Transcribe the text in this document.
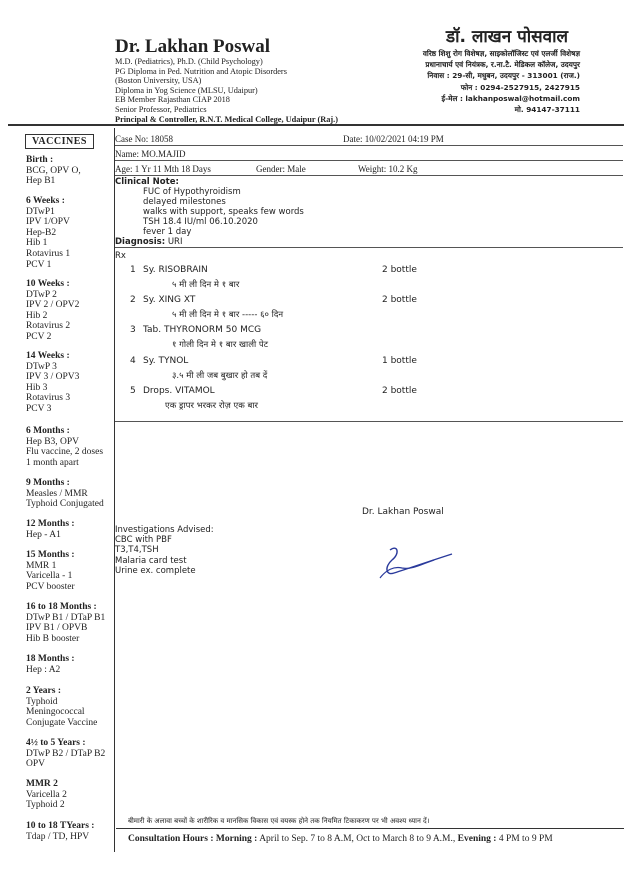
Dr. Lakhan Poswal
M.D. (Pediatrics), Ph.D. (Child Psychology)
PG Diploma in Ped. Nutrition and Atopic Disorders
(Boston University, USA)
Diploma in Yog Science (MLSU, Udaipur)
EB Member Rajasthan CIAP 2018
Senior Professor, Pediatrics
Principal & Controller, R.N.T. Medical College, Udaipur (Raj.)
डॉ. लाखन पोसवाल
वरिष्ठ शिशु रोग विशेषज्ञ, साइकोलॉजिस्ट एवं एलर्जी विशेषज्ञ
प्रधानाचार्य एवं नियंत्रक, र.ना.टै. मेडिकल कॉलेज, उदयपुर
निवास : 29-सी, मधुबन, उदयपुर - 313001 (राज.)
फोन : 0294-2527915, 2427915
ई-मेल : lakhanposwal@hotmail.com
मो. 94147-37111
VACCINES
Birth :
BCG, OPV O,
Hep B1
6 Weeks :
DTwP1
IPV 1/OPV
Hep-B2
Hib 1
Rotavirus 1
PCV 1
10 Weeks :
DTwP 2
IPV 2 / OPV2
Hib 2
Rotavirus 2
PCV 2
14 Weeks :
DTwP 3
IPV 3 / OPV3
Hib 3
Rotavirus 3
PCV 3
6 Months :
Hep B3, OPV
Flu vaccine, 2 doses
1 month apart
9 Months :
Measles / MMR
Typhoid Conjugated
12 Months :
Hep - A1
15 Months :
MMR 1
Varicella - 1
PCV booster
16 to 18 Months :
DTwP B1 / DTaP B1
IPV B1 / OPVB
Hib B booster
18 Months :
Hep : A2
2 Years :
Typhoid
Meningococcal
Conjugate Vaccine
4½ to 5 Years :
DTwP B2 / DTaP B2
OPV
MMR 2
Varicella 2
Typhoid 2
10 to 18 TYears :
Tdap / TD, HPV
Case No: 18058	Date: 10/02/2021 04:19 PM
Name: MO.MAJID
Age: 1 Yr 11 Mth 18 Days	Gender: Male	Weight: 10.2 Kg
Clinical Note:
FUC of Hypothyroidism
delayed milestones
walks with support, speaks few words
TSH 18.4 IU/ml 06.10.2020
fever 1 day
Diagnosis: URI
Rx
1 Sy. RISOBRAIN	2 bottle
५ मी ली दिन मे १ बार
2 Sy. XING XT	2 bottle
५ मी ली दिन मे १ बार ----- ६० दिन
3 Tab. THYRONORM 50 MCG
१ गोली दिन मे १ बार खाली पेट
4 Sy. TYNOL	1 bottle
३.५ मी ली जब बुखार हो तब दें
5 Drops. VITAMOL	2 bottle
एक ड्रापर भरकर रोज़ एक बार
Dr. Lakhan Poswal
Investigations Advised:
CBC with PBF
T3,T4,TSH
Malaria card test
Urine ex. complete
बीमारी के अलावा बच्चों के शारीरिक व मानसिक विकास एवं वयस्क होने तक नियमित टिकाकरण पर भी अवश्य ध्यान दें।
Consultation Hours : Morning : April to Sep. 7 to 8 A.M, Oct to March 8 to 9 A.M., Evening : 4 PM to 9 PM
